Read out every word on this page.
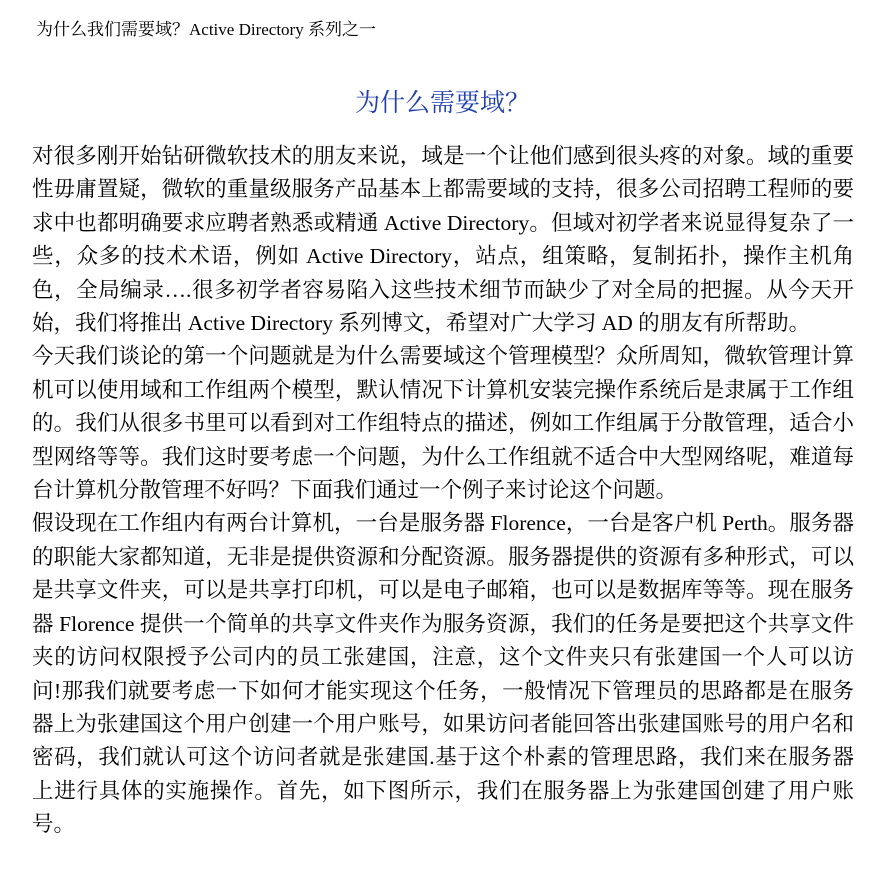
为什么我们需要域？Active Directory 系列之一
为什么需要域？

对很多刚开始钻研微软技术的朋友来说，域是一个让他们感到很头疼的对象。域的重要性毋庸置疑，微软的重量级服务产品基本上都需要域的支持，很多公司招聘工程师的要求中也都明确要求应聘者熟悉或精通 Active Directory。但域对初学者来说显得复杂了一些，众多的技术术语，例如 Active Directory，站点，组策略，复制拓扑，操作主机角色，全局编录….很多初学者容易陷入这些技术细节而缺少了对全局的把握。从今天开始，我们将推出 Active Directory 系列博文，希望对广大学习 AD 的朋友有所帮助。

今天我们谈论的第一个问题就是为什么需要域这个管理模型？众所周知，微软管理计算机可以使用域和工作组两个模型，默认情况下计算机安装完操作系统后是隶属于工作组的。我们从很多书里可以看到对工作组特点的描述，例如工作组属于分散管理，适合小型网络等等。我们这时要考虑一个问题，为什么工作组就不适合中大型网络呢，难道每台计算机分散管理不好吗？下面我们通过一个例子来讨论这个问题。

假设现在工作组内有两台计算机，一台是服务器 Florence，一台是客户机 Perth。服务器的职能大家都知道，无非是提供资源和分配资源。服务器提供的资源有多种形式，可以是共享文件夹，可以是共享打印机，可以是电子邮箱，也可以是数据库等等。现在服务器 Florence 提供一个简单的共享文件夹作为服务资源，我们的任务是要把这个共享文件夹的访问权限授予公司内的员工张建国，注意，这个文件夹只有张建国一个人可以访问!那我们就要考虑一下如何才能实现这个任务，一般情况下管理员的思路都是在服务器上为张建国这个用户创建一个用户账号，如果访问者能回答出张建国账号的用户名和密码，我们就认可这个访问者就是张建国.基于这个朴素的管理思路，我们来在服务器上进行具体的实施操作。首先，如下图所示，我们在服务器上为张建国创建了用户账号。
